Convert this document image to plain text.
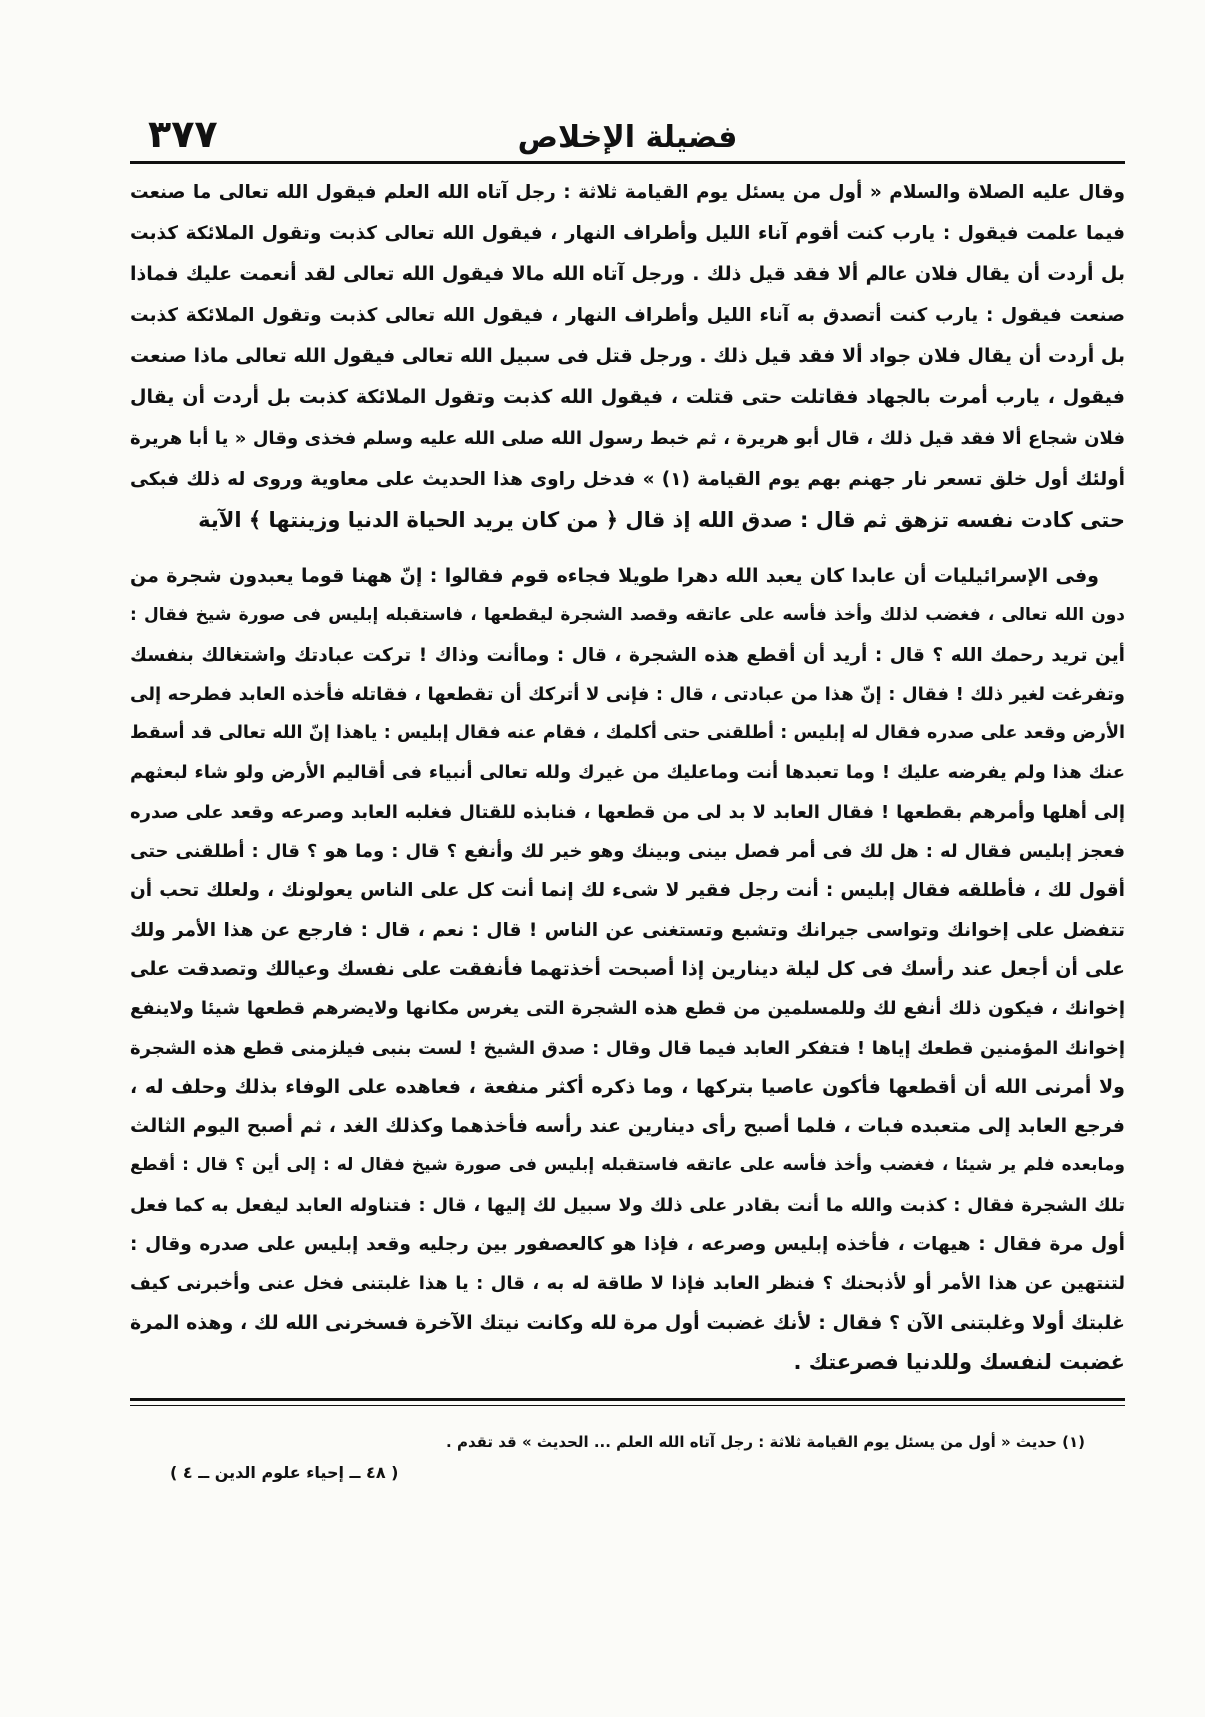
٣٧٧	فضيلة الإخلاص
وقال عليه الصلاة والسلام « أول من يسئل يوم القيامة ثلاثة : رجل آتاه الله العلم فيقول الله تعالى ما صنعت
فيما علمت فيقول : يارب كنت أقوم آناء الليل وأطراف النهار ، فيقول الله تعالى كذبت وتقول الملائكة كذبت
بل أردت أن يقال فلان عالم ألا فقد قيل ذلك . ورجل آتاه الله مالا فيقول الله تعالى لقد أنعمت عليك فماذا
صنعت فيقول : يارب كنت أتصدق به آناء الليل وأطراف النهار ، فيقول الله تعالى كذبت وتقول الملائكة كذبت
بل أردت أن يقال فلان جواد ألا فقد قيل ذلك . ورجل قتل فى سبيل الله تعالى فيقول الله تعالى ماذا صنعت
فيقول ، يارب أمرت بالجهاد فقاتلت حتى قتلت ، فيقول الله كذبت وتقول الملائكة كذبت بل أردت أن يقال
فلان شجاع ألا فقد قيل ذلك ، قال أبو هريرة ، ثم خبط رسول الله صلى الله عليه وسلم فخذى وقال « يا أبا هريرة
أولئك أول خلق تسعر نار جهنم بهم يوم القيامة (١) » فدخل راوى هذا الحديث على معاوية وروى له ذلك فبكى
حتى كادت نفسه تزهق ثم قال : صدق الله إذ قال ﴿ من كان يريد الحياة الدنيا وزينتها ﴾ الآية
وفى الإسرائيليات أن عابدا كان يعبد الله دهرا طويلا فجاءه قوم فقالوا : إنّ ههنا قوما يعبدون شجرة من
دون الله تعالى ، فغضب لذلك وأخذ فأسه على عاتقه وقصد الشجرة ليقطعها ، فاستقبله إبليس فى صورة شيخ فقال :
أين تريد رحمك الله ؟ قال : أريد أن أقطع هذه الشجرة ، قال : وماأنت وذاك ! تركت عبادتك واشتغالك بنفسك
وتفرغت لغير ذلك ! فقال : إنّ هذا من عبادتى ، قال : فإنى لا أتركك أن تقطعها ، فقاتله فأخذه العابد فطرحه إلى
الأرض وقعد على صدره فقال له إبليس : أطلقنى حتى أكلمك ، فقام عنه فقال إبليس : ياهذا إنّ الله تعالى قد أسقط
عنك هذا ولم يفرضه عليك ! وما تعبدها أنت وماعليك من غيرك ولله تعالى أنبياء فى أقاليم الأرض ولو شاء لبعثهم
إلى أهلها وأمرهم بقطعها ! فقال العابد لا بد لى من قطعها ، فنابذه للقتال فغلبه العابد وصرعه وقعد على صدره
فعجز إبليس فقال له : هل لك فى أمر فصل بينى وبينك وهو خير لك وأنفع ؟ قال : وما هو ؟ قال : أطلقنى حتى
أقول لك ، فأطلقه فقال إبليس : أنت رجل فقير لا شىء لك إنما أنت كل على الناس يعولونك ، ولعلك تحب أن
تتفضل على إخوانك وتواسى جيرانك وتشبع وتستغنى عن الناس ! قال : نعم ، قال : فارجع عن هذا الأمر ولك
على أن أجعل عند رأسك فى كل ليلة دينارين إذا أصبحت أخذتهما فأنفقت على نفسك وعيالك وتصدقت على
إخوانك ، فيكون ذلك أنفع لك وللمسلمين من قطع هذه الشجرة التى يغرس مكانها ولايضرهم قطعها شيئا ولاينفع
إخوانك المؤمنين قطعك إياها ! فتفكر العابد فيما قال وقال : صدق الشيخ ! لست بنبى فيلزمنى قطع هذه الشجرة
ولا أمرنى الله أن أقطعها فأكون عاصيا بتركها ، وما ذكره أكثر منفعة ، فعاهده على الوفاء بذلك وحلف له ،
فرجع العابد إلى متعبده فبات ، فلما أصبح رأى دينارين عند رأسه فأخذهما وكذلك الغد ، ثم أصبح اليوم الثالث
ومابعده فلم ير شيئا ، فغضب وأخذ فأسه على عاتقه فاستقبله إبليس فى صورة شيخ فقال له : إلى أين ؟ قال : أقطع
تلك الشجرة فقال : كذبت والله ما أنت بقادر على ذلك ولا سبيل لك إليها ، قال : فتناوله العابد ليفعل به كما فعل
أول مرة فقال : هيهات ، فأخذه إبليس وصرعه ، فإذا هو كالعصفور بين رجليه وقعد إبليس على صدره وقال :
لتنتهين عن هذا الأمر أو لأذبحنك ؟ فنظر العابد فإذا لا طاقة له به ، قال : يا هذا غلبتنى فخل عنى وأخبرنى كيف
غلبتك أولا وغلبتنى الآن ؟ فقال : لأنك غضبت أول مرة لله وكانت نيتك الآخرة فسخرنى الله لك ، وهذه المرة
غضبت لنفسك وللدنيا فصرعتك .
(١) حديث « أول من يسئل يوم القيامة ثلاثة : رجل آتاه الله العلم ... الحديث » قد تقدم .
( ٤٨ ــ إحياء علوم الدين ــ ٤ )
